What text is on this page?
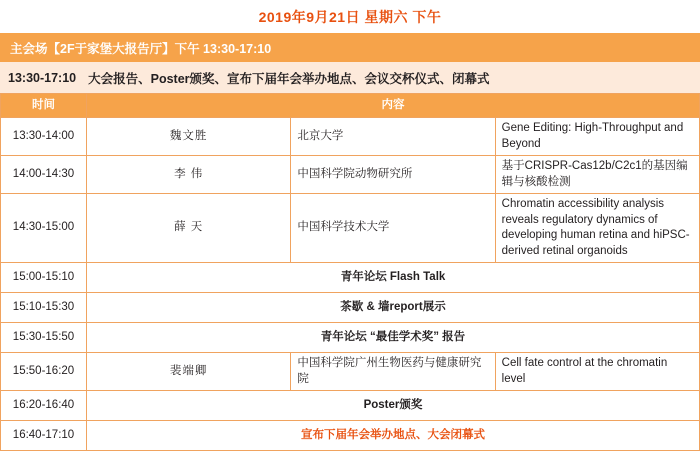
2019年9月21日 星期六 下午
主会场【2F于家堡大报告厅】下午 13:30-17:10
13:30-17:10 大会报告、Poster颁奖、宣布下届年会举办地点、会议交杯仪式、闭幕式
时间	内容		
13:30-14:00	魏文胜	北京大学	Gene Editing: High-Throughput and Beyond
14:00-14:30	李 伟	中国科学院动物研究所	基于CRISPR-Cas12b/C2c1的基因编辑与核酸检测
14:30-15:00	薛 天	中国科学技术大学	Chromatin accessibility analysis reveals regulatory dynamics of developing human retina and hiPSC-derived retinal organoids
15:00-15:10	青年论坛 Flash Talk		
15:10-15:30	茶歇 & 墙report展示		
15:30-15:50	青年论坛 “最佳学术奖” 报告		
15:50-16:20	裴端卿	中国科学院广州生物医药与健康研究院	Cell fate control at the chromatin level
16:20-16:40	Poster颁奖		
16:40-17:10	宣布下届年会举办地点、大会闭幕式		
